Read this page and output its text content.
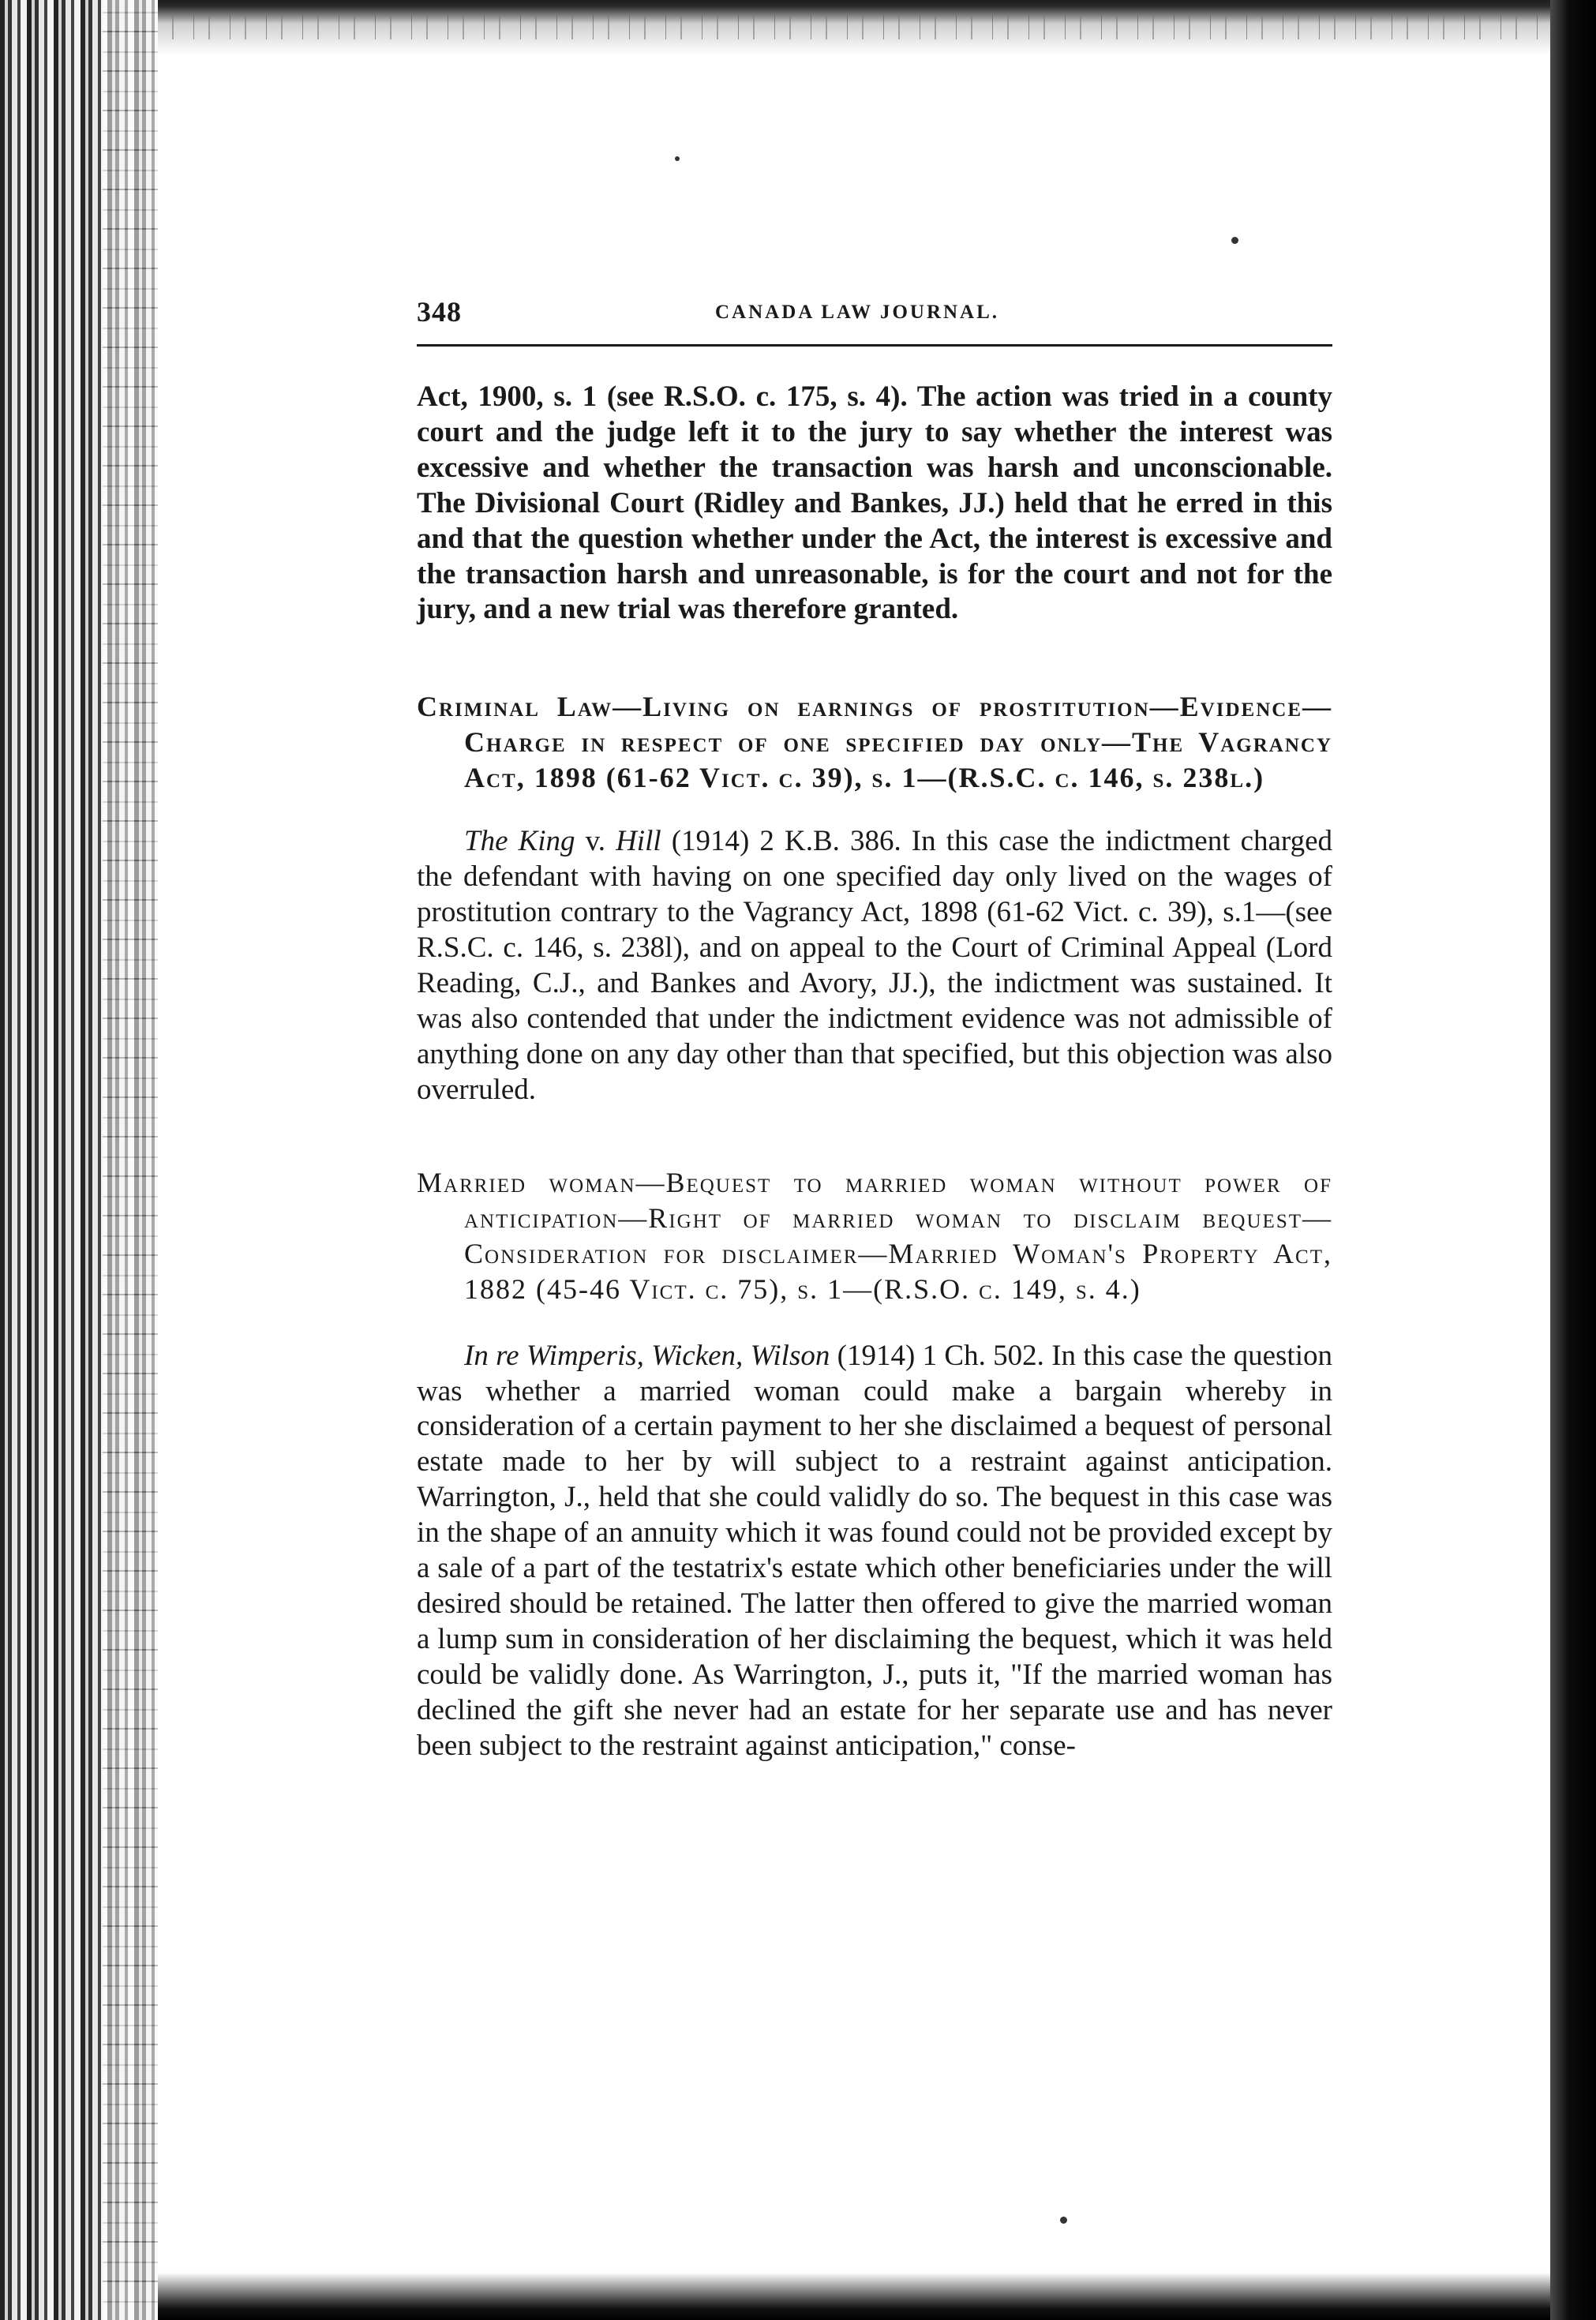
348	CANADA LAW JOURNAL.

Act, 1900, s. 1 (see R.S.O. c. 175, s. 4). The action was tried in a county court and the judge left it to the jury to say whether the interest was excessive and whether the transaction was harsh and unconscionable. The Divisional Court (Ridley and Bankes, JJ.) held that he erred in this and that the question whether under the Act, the interest is excessive and the transaction harsh and unreasonable, is for the court and not for the jury, and a new trial was therefore granted.

Criminal Law—Living on earnings of prostitution—Evidence—Charge in respect of one specified day only—The Vagrancy Act, 1898 (61-62 Vict. c. 39), s. 1—(R.S.C. c. 146, s. 238l.)

The King v. Hill (1914) 2 K.B. 386. In this case the indictment charged the defendant with having on one specified day only lived on the wages of prostitution contrary to the Vagrancy Act, 1898 (61-62 Vict. c. 39), s.1—(see R.S.C. c. 146, s. 238l), and on appeal to the Court of Criminal Appeal (Lord Reading, C.J., and Bankes and Avory, JJ.), the indictment was sustained. It was also contended that under the indictment evidence was not admissible of anything done on any day other than that specified, but this objection was also overruled.

Married woman—Bequest to married woman without power of anticipation—Right of married woman to disclaim bequest—Consideration for disclaimer—Married Woman's Property Act, 1882 (45-46 Vict. c. 75), s. 1—(R.S.O. c. 149, s. 4.)

In re Wimperis, Wicken, Wilson (1914) 1 Ch. 502. In this case the question was whether a married woman could make a bargain whereby in consideration of a certain payment to her she disclaimed a bequest of personal estate made to her by will subject to a restraint against anticipation. Warrington, J., held that she could validly do so. The bequest in this case was in the shape of an annuity which it was found could not be provided except by a sale of a part of the testatrix's estate which other beneficiaries under the will desired should be retained. The latter then offered to give the married woman a lump sum in consideration of her disclaiming the bequest, which it was held could be validly done. As Warrington, J., puts it, "If the married woman has declined the gift she never had an estate for her separate use and has never been subject to the restraint against anticipation," conse-
